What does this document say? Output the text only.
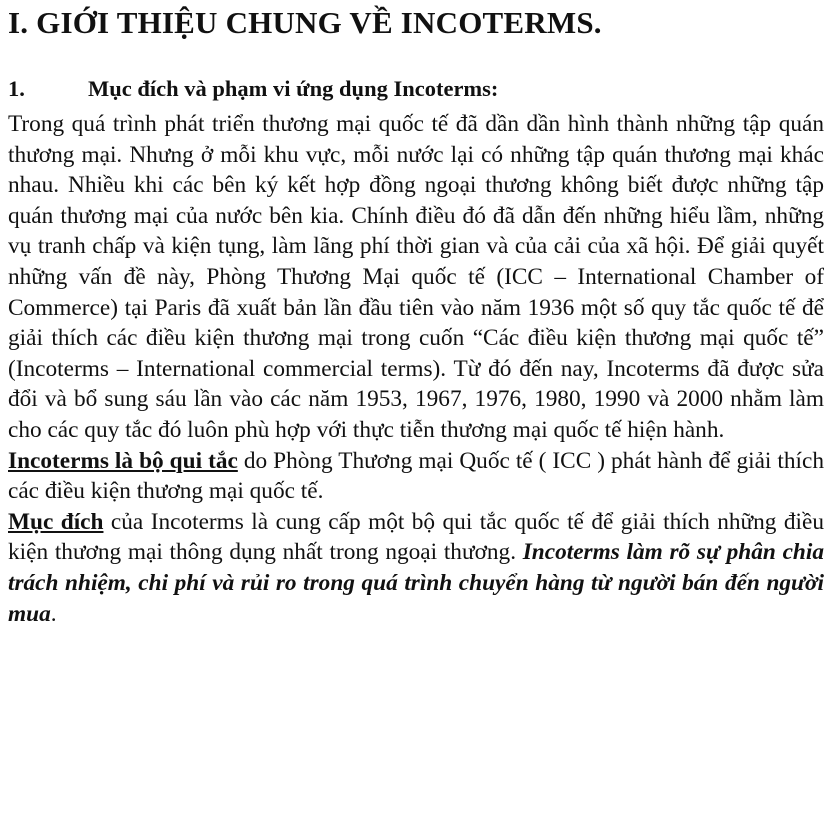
I. GIỚI THIỆU CHUNG VỀ INCOTERMS.
1.	Mục đích và phạm vi ứng dụng Incoterms:

Trong quá trình phát triển thương mại quốc tế đã dần dần hình thành những tập quán thương mại. Nhưng ở mỗi khu vực, mỗi nước lại có những tập quán thương mại khác nhau. Nhiều khi các bên ký kết hợp đồng ngoại thương không biết được những tập quán thương mại của nước bên kia. Chính điều đó đã dẫn đến những hiểu lầm, những vụ tranh chấp và kiện tụng, làm lãng phí thời gian và của cải của xã hội. Để giải quyết những vấn đề này, Phòng Thương Mại quốc tế (ICC – International Chamber of Commerce) tại Paris đã xuất bản lần đầu tiên vào năm 1936 một số quy tắc quốc tế để giải thích các điều kiện thương mại trong cuốn “Các điều kiện thương mại quốc tế” (Incoterms – International commercial terms). Từ đó đến nay, Incoterms đã được sửa đổi và bổ sung sáu lần vào các năm 1953, 1967, 1976, 1980, 1990 và 2000 nhằm làm cho các quy tắc đó luôn phù hợp với thực tiễn thương mại quốc tế hiện hành.

Incoterms là bộ qui tắc do Phòng Thương mại Quốc tế ( ICC ) phát hành để giải thích các điều kiện thương mại quốc tế.

Mục đích của Incoterms là cung cấp một bộ qui tắc quốc tế để giải thích những điều kiện thương mại thông dụng nhất trong ngoại thương. Incoterms làm rõ sự phân chia trách nhiệm, chi phí và rủi ro trong quá trình chuyển hàng từ người bán đến người mua.
